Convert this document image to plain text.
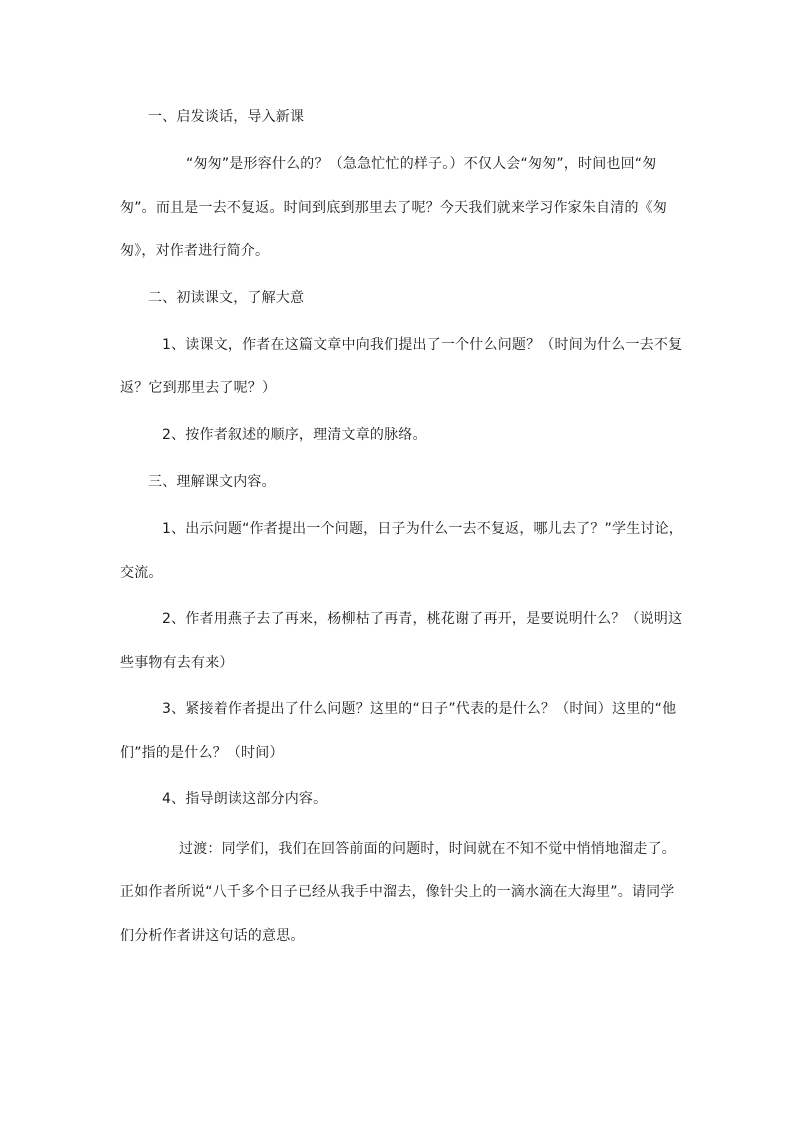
一、启发谈话，导入新课
“匆匆”是形容什么的？（急急忙忙的样子。）不仅人会“匆匆”，时间也回“匆
匆”。而且是一去不复返。时间到底到那里去了呢？今天我们就来学习作家朱自清的《匆
匆》，对作者进行简介。
二、初读课文，了解大意
1、读课文，作者在这篇文章中向我们提出了一个什么问题？（时间为什么一去不复
返？它到那里去了呢？）
2、按作者叙述的顺序，理清文章的脉络。
三、理解课文内容。
1、出示问题“作者提出一个问题，日子为什么一去不复返，哪儿去了？”学生讨论，
交流。
2、作者用燕子去了再来，杨柳枯了再青，桃花谢了再开，是要说明什么？（说明这
些事物有去有来）
3、紧接着作者提出了什么问题？这里的“日子”代表的是什么？（时间）这里的“他
们”指的是什么？（时间）
4、指导朗读这部分内容。
过渡：同学们，我们在回答前面的问题时，时间就在不知不觉中悄悄地溜走了。
正如作者所说“八千多个日子已经从我手中溜去，像针尖上的一滴水滴在大海里”。请同学
们分析作者讲这句话的意思。
